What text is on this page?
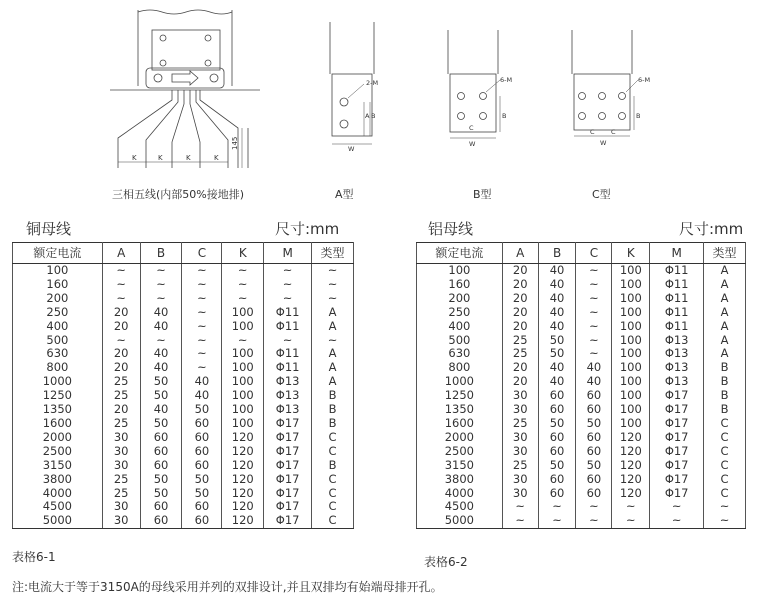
K	K	K	K
145
三相五线(内部50%接地排)
2-M
A B
W
A型
6-M
B
C
W
B型
6-M
B
C	C
W
C型
铜母线	尺寸:mm
额定电流	A	B	C	K	M	类型
100	~	~	~	~	~	~
160	~	~	~	~	~	~
200	~	~	~	~	~	~
250	20	40	~	100	Φ11	A
400	20	40	~	100	Φ11	A
500	~	~	~	~	~	~
630	20	40	~	100	Φ11	A
800	20	40	~	100	Φ11	A
1000	25	50	40	100	Φ13	A
1250	25	50	40	100	Φ13	B
1350	20	40	50	100	Φ13	B
1600	25	50	60	100	Φ17	B
2000	30	60	60	120	Φ17	C
2500	30	60	60	120	Φ17	C
3150	30	60	60	120	Φ17	B
3800	25	50	50	120	Φ17	C
4000	25	50	50	120	Φ17	C
4500	30	60	60	120	Φ17	C
5000	30	60	60	120	Φ17	C
表格6-1
铝母线	尺寸:mm
额定电流	A	B	C	K	M	类型
100	20	40	~	100	Φ11	A
160	20	40	~	100	Φ11	A
200	20	40	~	100	Φ11	A
250	20	40	~	100	Φ11	A
400	20	40	~	100	Φ11	A
500	25	50	~	100	Φ13	A
630	25	50	~	100	Φ13	A
800	20	40	40	100	Φ13	B
1000	20	40	40	100	Φ13	B
1250	30	60	60	100	Φ17	B
1350	30	60	60	100	Φ17	B
1600	25	50	50	100	Φ17	C
2000	30	60	60	120	Φ17	C
2500	30	60	60	120	Φ17	C
3150	25	50	50	120	Φ17	C
3800	30	60	60	120	Φ17	C
4000	30	60	60	120	Φ17	C
4500	~	~	~	~	~	~
5000	~	~	~	~	~	~
表格6-2
注:电流大于等于3150A的母线采用并列的双排设计,并且双排均有始端母排开孔。
